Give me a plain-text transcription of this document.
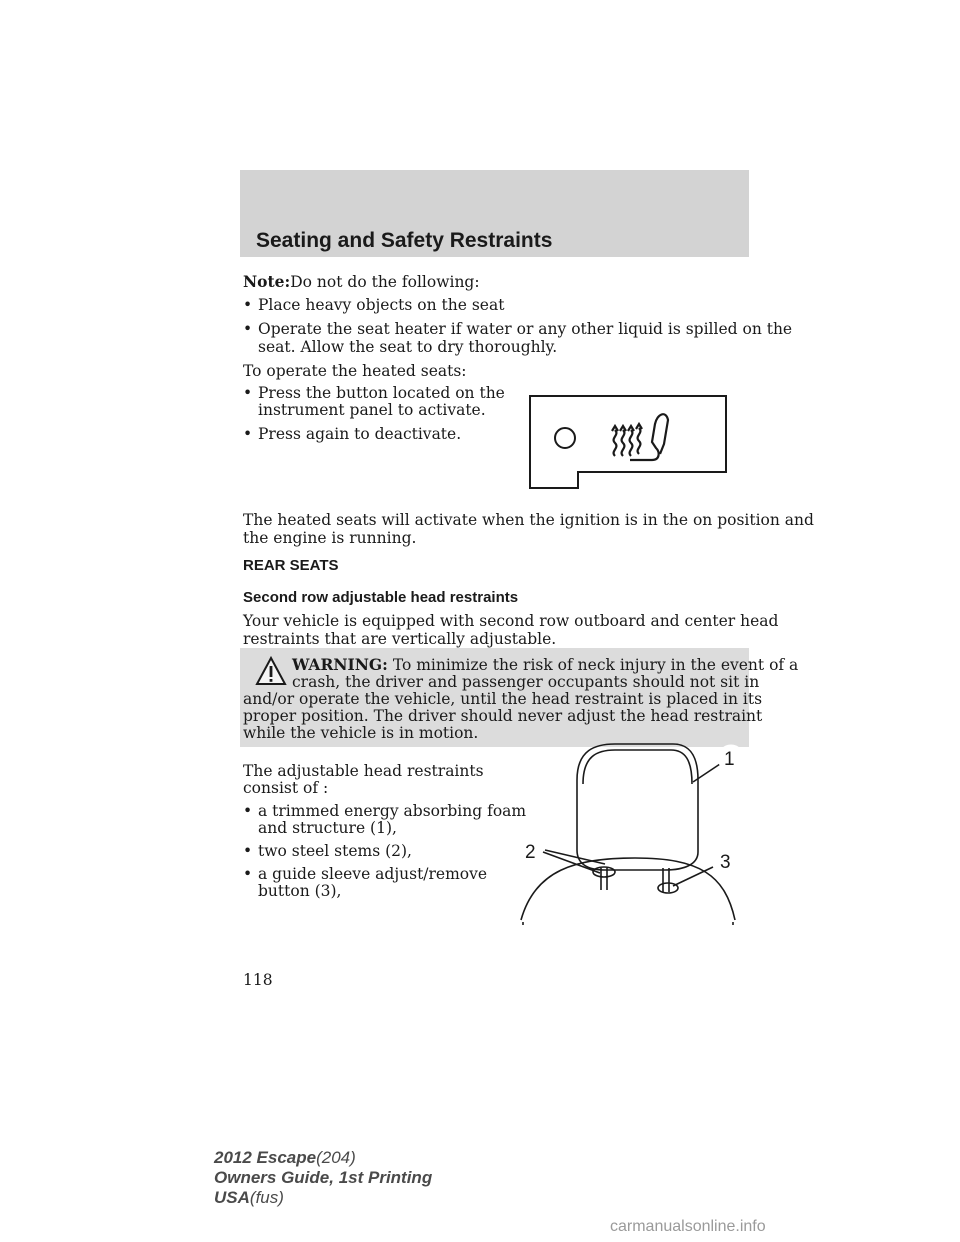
Seating and Safety Restraints
Note:Do not do the following:
• Place heavy objects on the seat
• Operate the seat heater if water or any other liquid is spilled on the
seat. Allow the seat to dry thoroughly.
To operate the heated seats:
• Press the button located on the
instrument panel to activate.
• Press again to deactivate.
The heated seats will activate when the ignition is in the on position and
the engine is running.
REAR SEATS
Second row adjustable head restraints
Your vehicle is equipped with second row outboard and center head
restraints that are vertically adjustable.
WARNING: To minimize the risk of neck injury in the event of a
crash, the driver and passenger occupants should not sit in
and/or operate the vehicle, until the head restraint is placed in its
proper position. The driver should never adjust the head restraint
while the vehicle is in motion.
The adjustable head restraints
consist of :
• a trimmed energy absorbing foam
and structure (1),
• two steel stems (2),
• a guide sleeve adjust/remove
button (3),
1
2	3
118
2012 Escape(204)
Owners Guide, 1st Printing
USA(fus)
carmanualsonline.info
